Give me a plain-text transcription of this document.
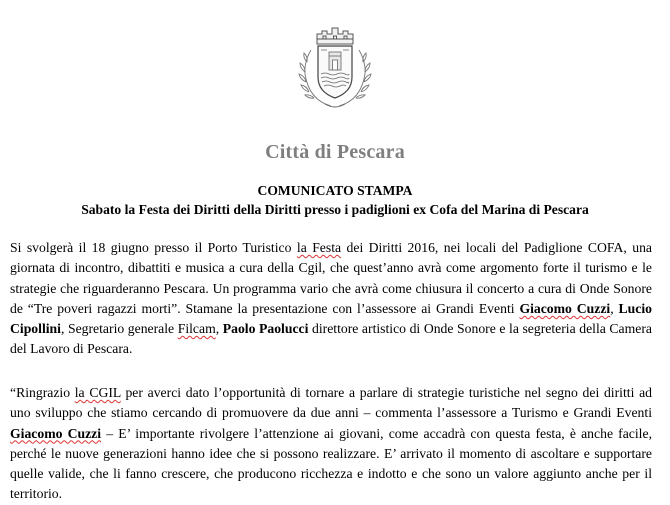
Città di Pescara
COMUNICATO STAMPA
Sabato la Festa dei Diritti della Diritti presso i padiglioni ex Cofa del Marina di Pescara

Si svolgerà il 18 giugno presso il Porto Turistico la Festa dei Diritti 2016, nei locali del Padiglione COFA, una giornata di incontro, dibattiti e musica a cura della Cgil, che quest’anno avrà come argomento forte il turismo e le strategie che riguarderanno Pescara. Un programma vario che avrà come chiusura il concerto a cura di Onde Sonore de “Tre poveri ragazzi morti”. Stamane la presentazione con l’assessore ai Grandi Eventi Giacomo Cuzzi, Lucio Cipollini, Segretario generale Filcam, Paolo Paolucci direttore artistico di Onde Sonore e la segreteria della Camera del Lavoro di Pescara.

“Ringrazio la CGIL per averci dato l’opportunità di tornare a parlare di strategie turistiche nel segno dei diritti ad uno sviluppo che stiamo cercando di promuovere da due anni – commenta l’assessore a Turismo e Grandi Eventi Giacomo Cuzzi – E’ importante rivolgere l’attenzione ai giovani, come accadrà con questa festa, è anche facile, perché le nuove generazioni hanno idee che si possono realizzare. E’ arrivato il momento di ascoltare e supportare quelle valide, che li fanno crescere, che producono ricchezza e indotto e che sono un valore aggiunto anche per il territorio.
